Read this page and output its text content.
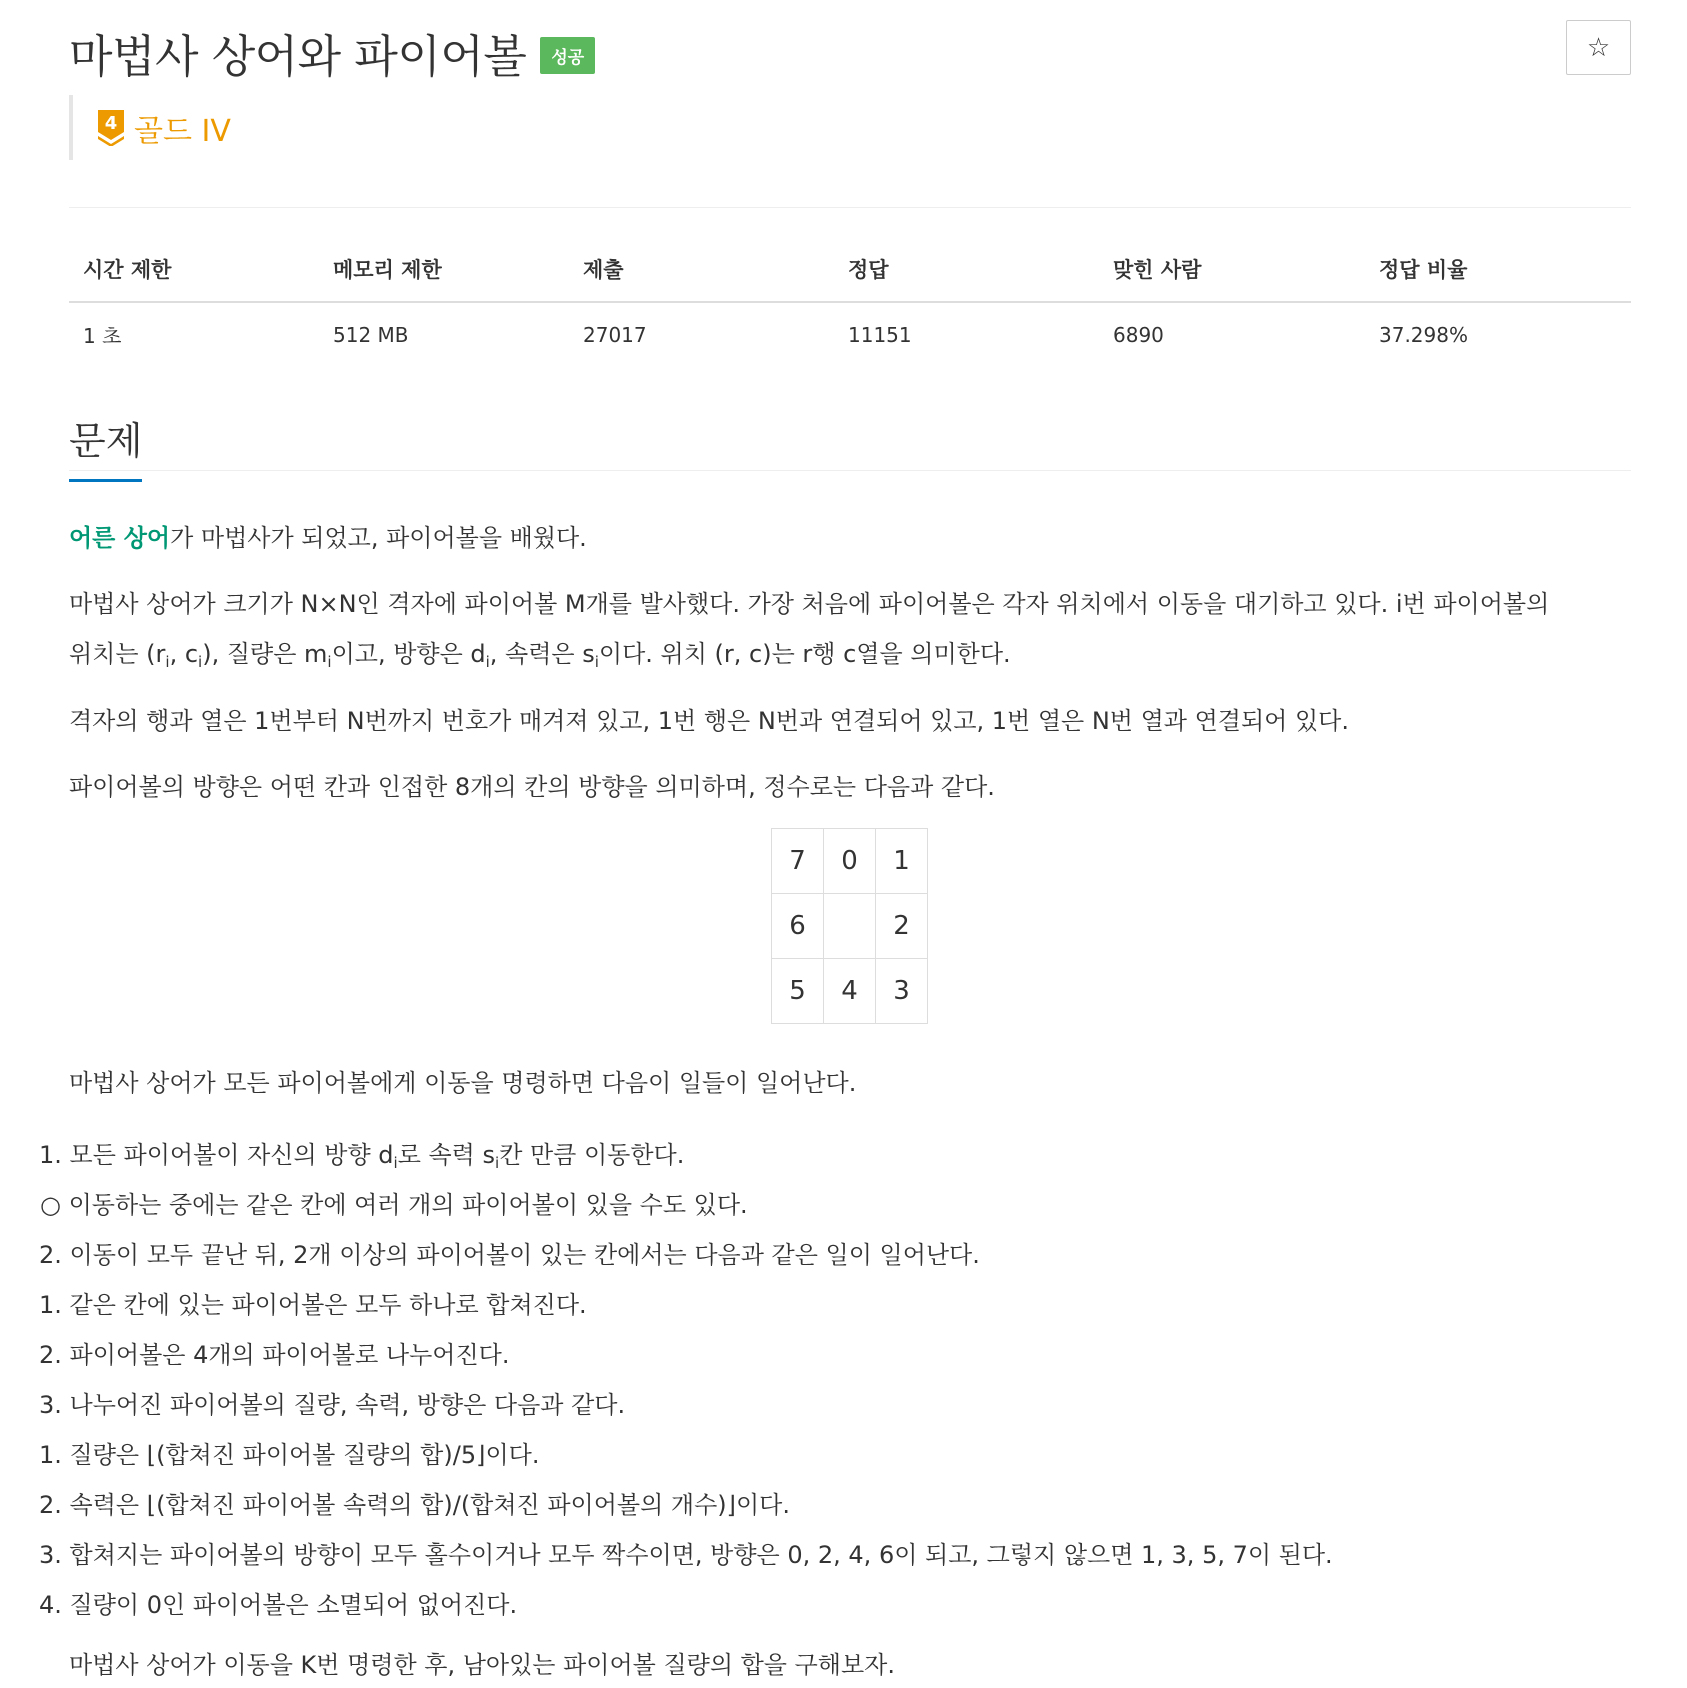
마법사 상어와 파이어볼	성공	☆
4 골드 IV
시간 제한	메모리 제한	제출	정답	맞힌 사람	정답 비율
1 초	512 MB	27017	11151	6890	37.298%
문제

어른 상어가 마법사가 되었고, 파이어볼을 배웠다.

마법사 상어가 크기가 N×N인 격자에 파이어볼 M개를 발사했다. 가장 처음에 파이어볼은 각자 위치에서 이동을 대기하고 있다. i번 파이어볼의
위치는 ($r_i$, $c_i$), 질량은 $m_i$이고, 방향은 $d_i$, 속력은 $s_i$이다. 위치 (r, c)는 r행 c열을 의미한다.

격자의 행과 열은 1번부터 N번까지 번호가 매겨져 있고, 1번 행은 N번과 연결되어 있고, 1번 열은 N번 열과 연결되어 있다.

파이어볼의 방향은 어떤 칸과 인접한 8개의 칸의 방향을 의미하며, 정수로는 다음과 같다.

7	0	1
6		2
5	4	3

마법사 상어가 모든 파이어볼에게 이동을 명령하면 다음이 일들이 일어난다.

1. 모든 파이어볼이 자신의 방향 $d_i$로 속력 $s_i$칸 만큼 이동한다.
○ 이동하는 중에는 같은 칸에 여러 개의 파이어볼이 있을 수도 있다.
2. 이동이 모두 끝난 뒤, 2개 이상의 파이어볼이 있는 칸에서는 다음과 같은 일이 일어난다.
1. 같은 칸에 있는 파이어볼은 모두 하나로 합쳐진다.
2. 파이어볼은 4개의 파이어볼로 나누어진다.
3. 나누어진 파이어볼의 질량, 속력, 방향은 다음과 같다.
1. 질량은 ⌊(합쳐진 파이어볼 질량의 합)/5⌋이다.
2. 속력은 ⌊(합쳐진 파이어볼 속력의 합)/(합쳐진 파이어볼의 개수)⌋이다.
3. 합쳐지는 파이어볼의 방향이 모두 홀수이거나 모두 짝수이면, 방향은 0, 2, 4, 6이 되고, 그렇지 않으면 1, 3, 5, 7이 된다.
4. 질량이 0인 파이어볼은 소멸되어 없어진다.

마법사 상어가 이동을 K번 명령한 후, 남아있는 파이어볼 질량의 합을 구해보자.
